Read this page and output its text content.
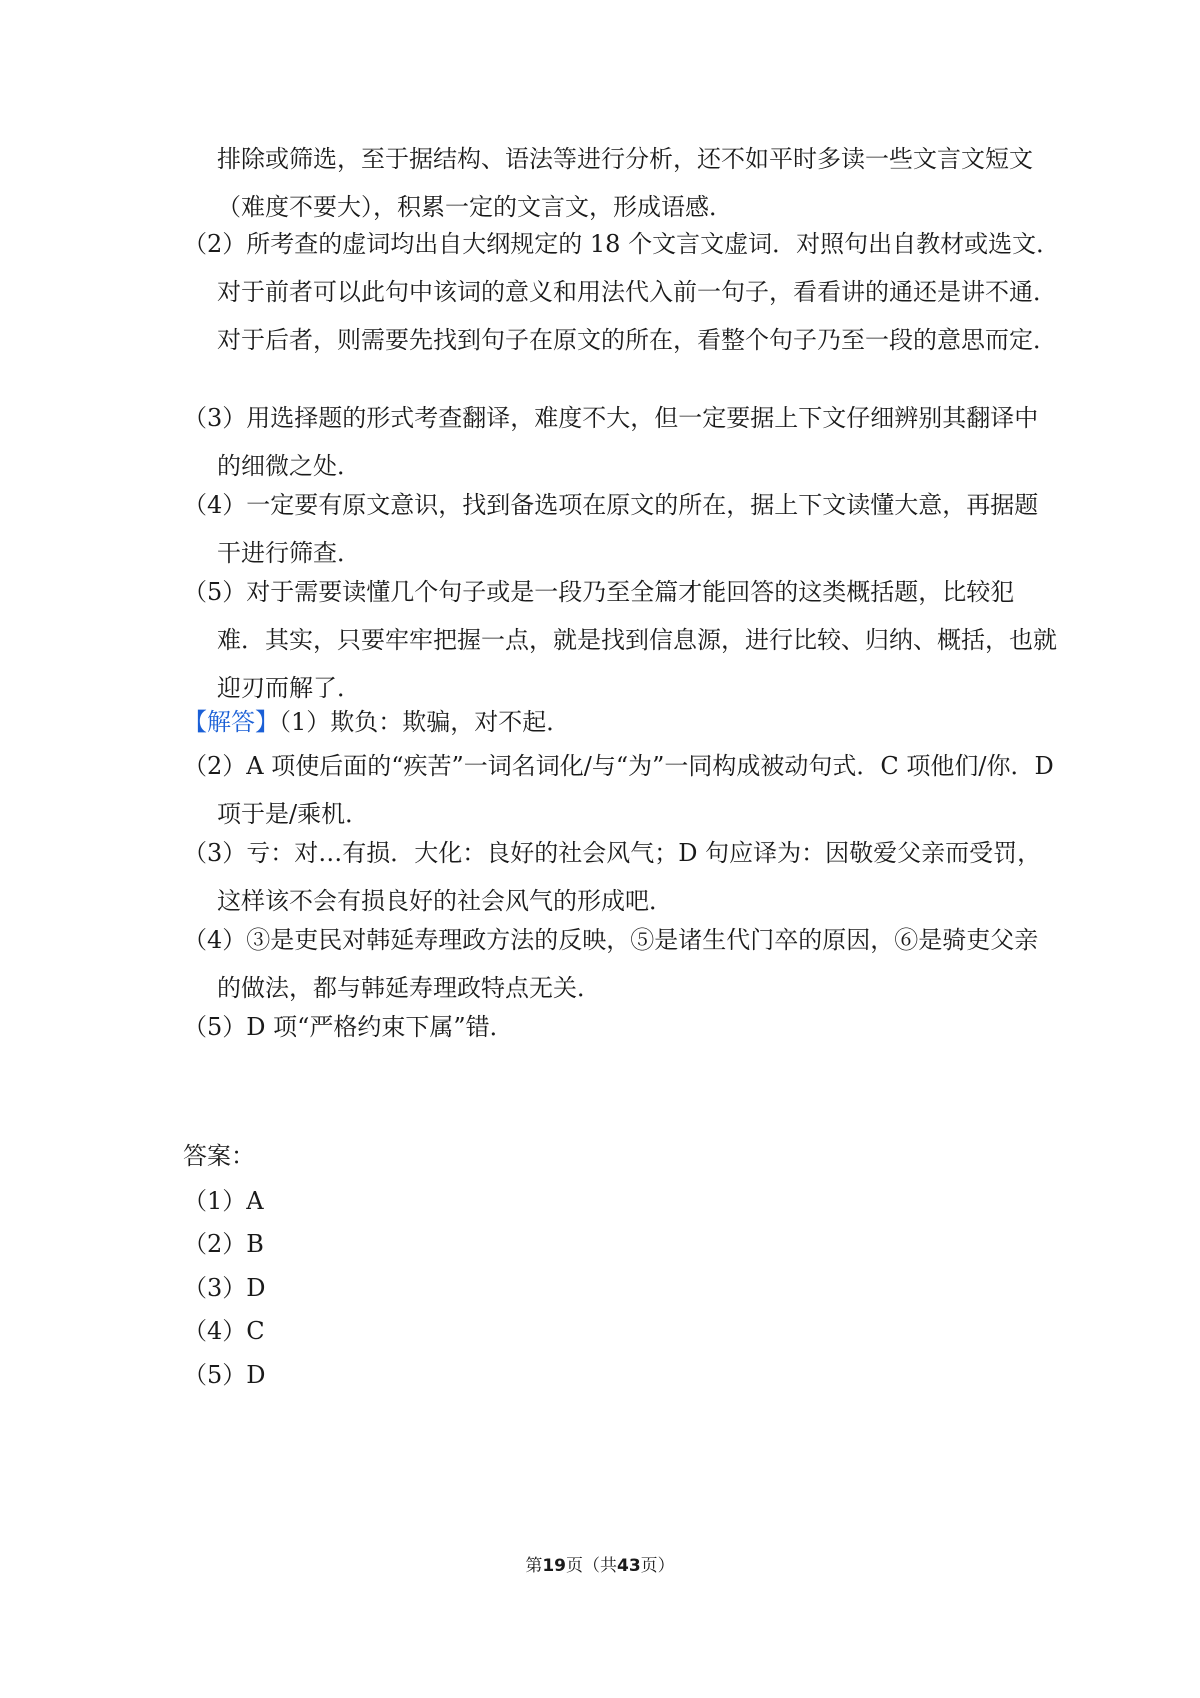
排除或筛选，至于据结构、语法等进行分析，还不如平时多读一些文言文短文（难度不要大），积累一定的文言文，形成语感．
（2）所考查的虚词均出自大纲规定的 18 个文言文虚词．对照句出自教材或选文．对于前者可以此句中该词的意义和用法代入前一句子，看看讲的通还是讲不通．对于后者，则需要先找到句子在原文的所在，看整个句子乃至一段的意思而定．
（3）用选择题的形式考查翻译，难度不大，但一定要据上下文仔细辨别其翻译中的细微之处．
（4）一定要有原文意识，找到备选项在原文的所在，据上下文读懂大意，再据题干进行筛查．
（5）对于需要读懂几个句子或是一段乃至全篇才能回答的这类概括题，比较犯难．其实，只要牢牢把握一点，就是找到信息源，进行比较、归纳、概括，也就迎刃而解了．
【解答】（1）欺负：欺骗，对不起．
（2）A 项使后面的“疾苦”一词名词化/与“为”一同构成被动句式．C 项他们/你．D 项于是/乘机．
（3）亏：对…有损．大化：良好的社会风气；D 句应译为：因敬爱父亲而受罚，这样该不会有损良好的社会风气的形成吧．
（4）③是吏民对韩延寿理政方法的反映，⑤是诸生代门卒的原因，⑥是骑吏父亲的做法，都与韩延寿理政特点无关．
（5）D 项“严格约束下属”错．
答案：
（1）A
（2）B
（3）D
（4）C
（5）D
第19页（共43页）
